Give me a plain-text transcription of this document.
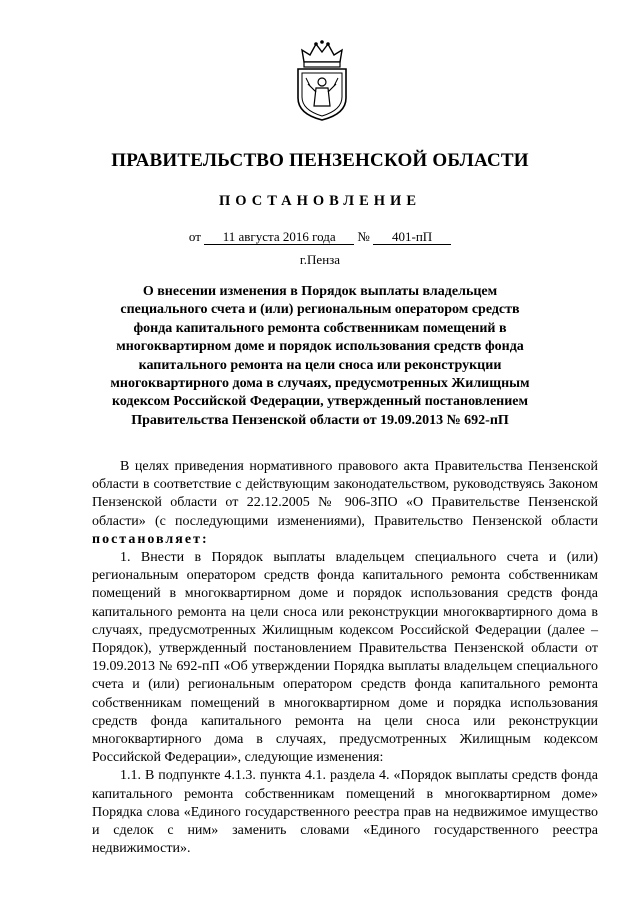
ПРАВИТЕЛЬСТВО ПЕНЗЕНСКОЙ ОБЛАСТИ
ПОСТАНОВЛЕНИЕ
от 11 августа 2016 года № 401-пП
г.Пенза
О внесении изменения в Порядок выплаты владельцем специального счета и (или) региональным оператором средств фонда капитального ремонта собственникам помещений в многоквартирном доме и порядок использования средств фонда капитального ремонта на цели сноса или реконструкции многоквартирного дома в случаях, предусмотренных Жилищным кодексом Российской Федерации, утвержденный постановлением Правительства Пензенской области от 19.09.2013 № 692-пП

В целях приведения нормативного правового акта Правительства Пензенской области в соответствие с действующим законодательством, руководствуясь Законом Пензенской области от 22.12.2005 № 906-ЗПО «О Правительстве Пензенской области» (с последующими изменениями), Правительство Пензенской области постановляет:

1. Внести в Порядок выплаты владельцем специального счета и (или) региональным оператором средств фонда капитального ремонта собственникам помещений в многоквартирном доме и порядок использования средств фонда капитального ремонта на цели сноса или реконструкции многоквартирного дома в случаях, предусмотренных Жилищным кодексом Российской Федерации (далее – Порядок), утвержденный постановлением Правительства Пензенской области от 19.09.2013 № 692-пП «Об утверждении Порядка выплаты владельцем специального счета и (или) региональным оператором средств фонда капитального ремонта собственникам помещений в многоквартирном доме и порядка использования средств фонда капитального ремонта на цели сноса или реконструкции многоквартирного дома в случаях, предусмотренных Жилищным кодексом Российской Федерации», следующие изменения:

1.1. В подпункте 4.1.3. пункта 4.1. раздела 4. «Порядок выплаты средств фонда капитального ремонта собственникам помещений в многоквартирном доме» Порядка слова «Единого государственного реестра прав на недвижимое имущество и сделок с ним» заменить словами «Единого государственного реестра недвижимости».
